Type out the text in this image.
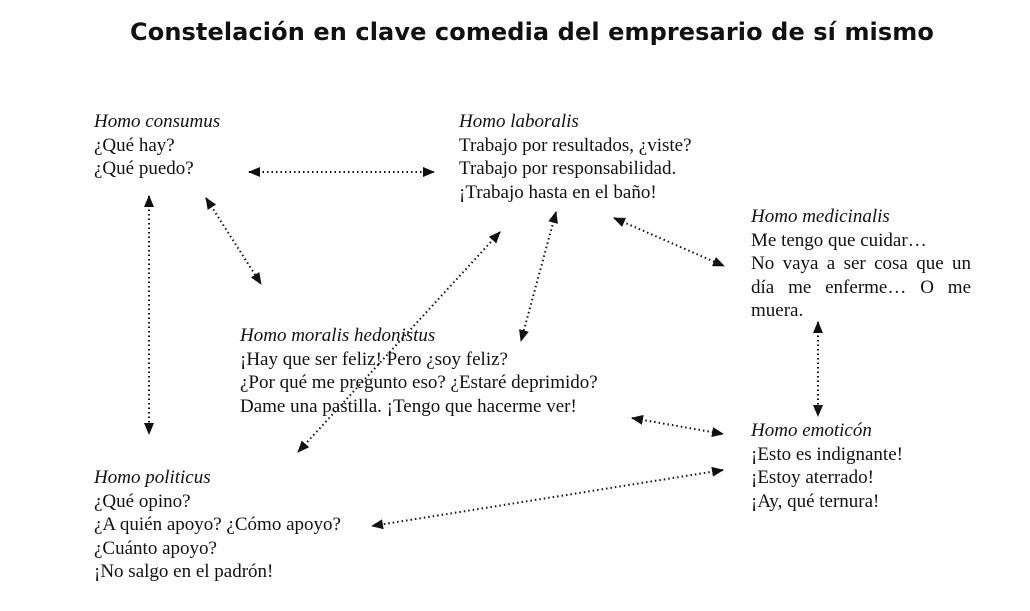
Constelación en clave comedia del empresario de sí mismo
Homo consumus
¿Qué hay?
¿Qué puedo?
Homo laboralis
Trabajo por resultados, ¿viste?
Trabajo por responsabilidad.
¡Trabajo hasta en el baño!
Homo medicinalis
Me tengo que cuidar…
No vaya a ser cosa que un
día me enferme… O me
muera.
Homo moralis hedonistus
¡Hay que ser feliz! Pero ¿soy feliz?
¿Por qué me pregunto eso? ¿Estaré deprimido?
Dame una pastilla. ¡Tengo que hacerme ver!
Homo emoticón
¡Esto es indignante!
¡Estoy aterrado!
¡Ay, qué ternura!
Homo politicus
¿Qué opino?
¿A quién apoyo? ¿Cómo apoyo?
¿Cuánto apoyo?
¡No salgo en el padrón!
